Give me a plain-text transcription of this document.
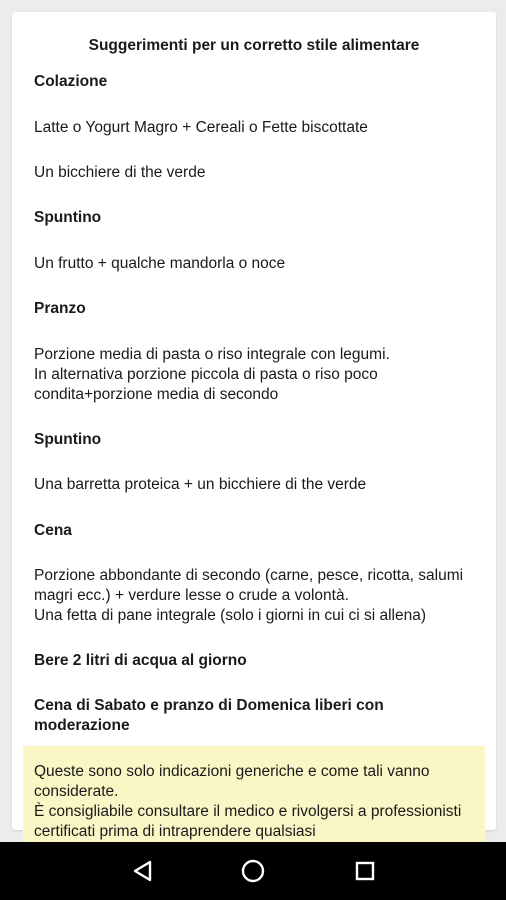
Suggerimenti per un corretto stile alimentare
Colazione
Latte o Yogurt Magro + Cereali o Fette biscottate
Un bicchiere di the verde
Spuntino
Un frutto + qualche mandorla o noce
Pranzo
Porzione media di pasta o riso integrale con legumi.
In alternativa porzione piccola di pasta o riso poco condita+porzione media di secondo
Spuntino
Una barretta proteica + un bicchiere di the verde
Cena
Porzione abbondante di secondo (carne, pesce, ricotta, salumi magri ecc.) + verdure lesse o crude a volontà.
Una fetta di pane integrale (solo i giorni in cui ci si allena)
Bere 2 litri di acqua al giorno
Cena di Sabato e pranzo di Domenica liberi con moderazione
Queste sono solo indicazioni generiche e come tali vanno considerate.
È consigliabile consultare il medico e rivolgersi a professionisti certificati prima di intraprendere qualsiasi
